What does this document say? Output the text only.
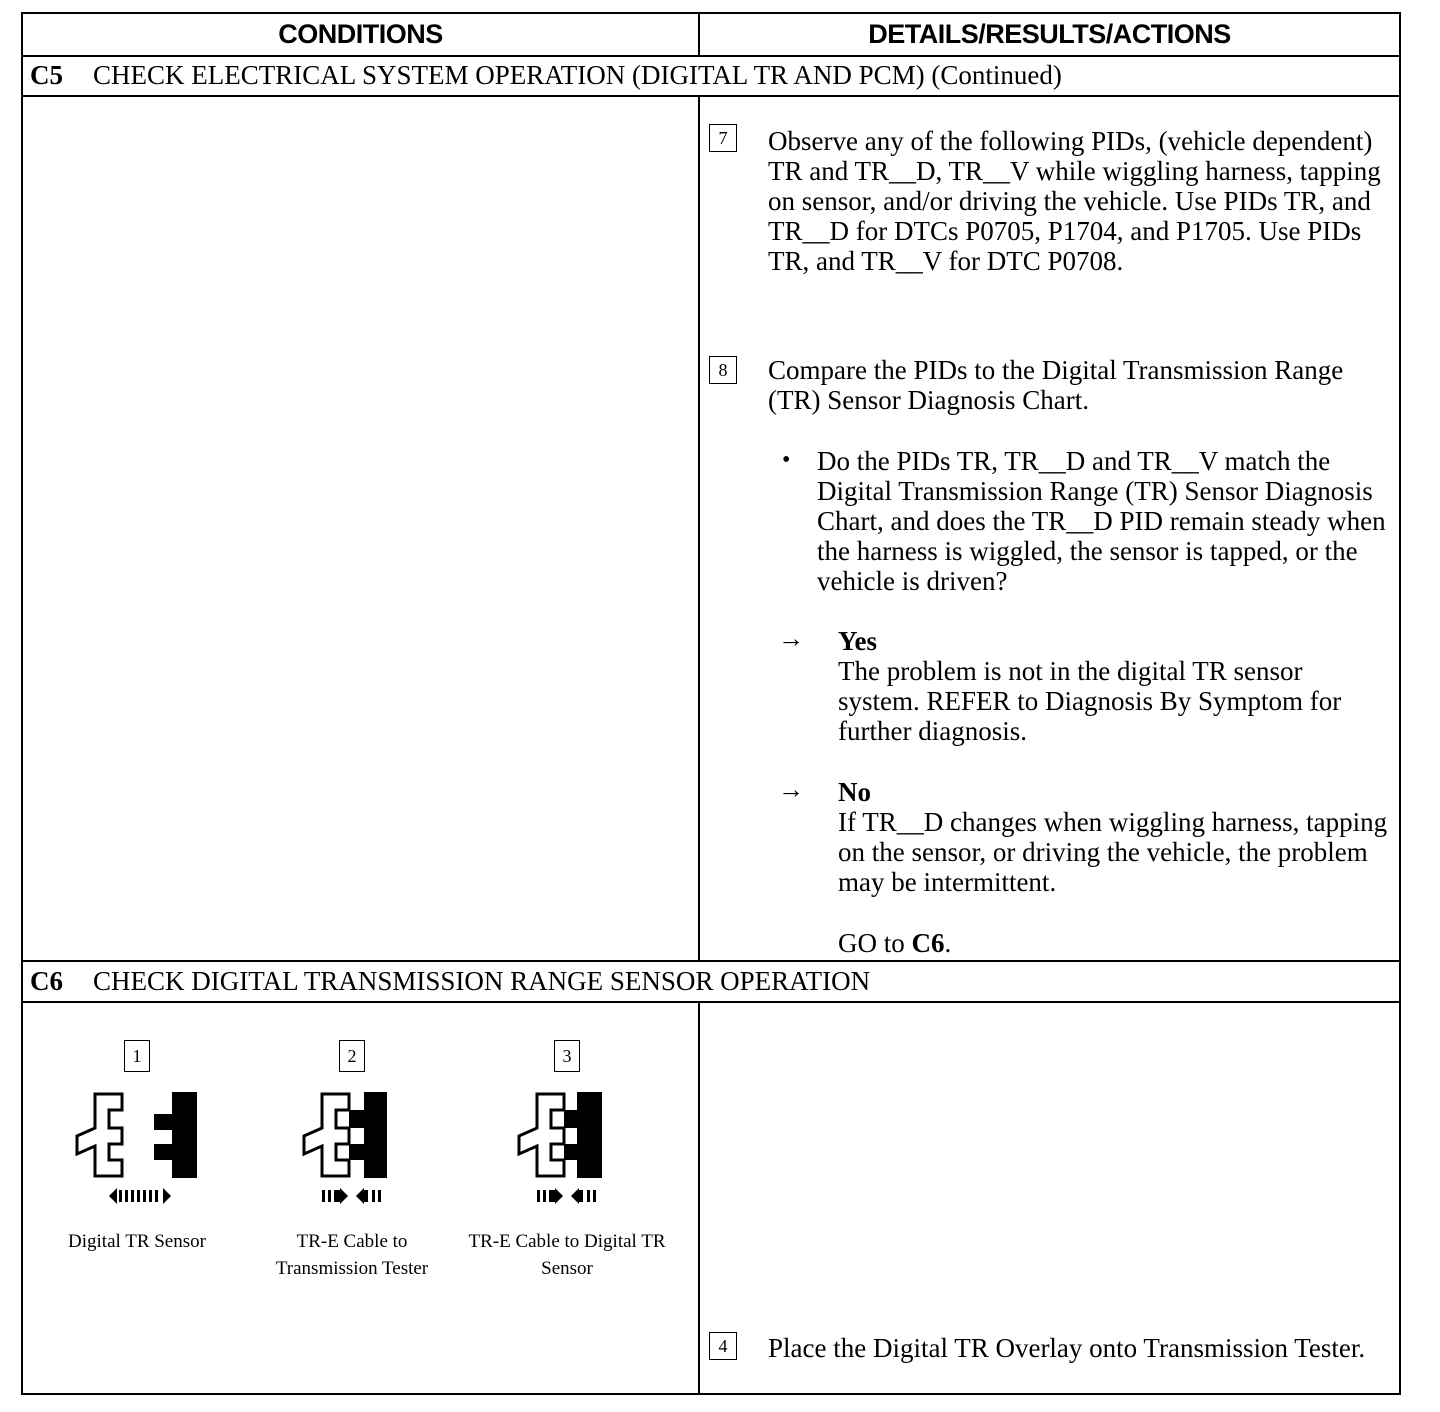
CONDITIONS	DETAILS/RESULTS/ACTIONS
C5 CHECK ELECTRICAL SYSTEM OPERATION (DIGITAL TR AND PCM) (Continued)
7	Observe any of the following PIDs, (vehicle dependent) TR and TR__D, TR__V while wiggling harness, tapping on sensor, and/or driving the vehicle. Use PIDs TR, and TR__D for DTCs P0705, P1704, and P1705. Use PIDs TR, and TR__V for DTC P0708.
8	Compare the PIDs to the Digital Transmission Range (TR) Sensor Diagnosis Chart.
• Do the PIDs TR, TR__D and TR__V match the Digital Transmission Range (TR) Sensor Diagnosis Chart, and does the TR__D PID remain steady when the harness is wiggled, the sensor is tapped, or the vehicle is driven?
→ Yes
The problem is not in the digital TR sensor system. REFER to Diagnosis By Symptom for further diagnosis.
→ No
If TR__D changes when wiggling harness, tapping on the sensor, or driving the vehicle, the problem may be intermittent.
GO to C6.
C6 CHECK DIGITAL TRANSMISSION RANGE SENSOR OPERATION
1
Digital TR Sensor
2
TR-E Cable to Transmission Tester
3
TR-E Cable to Digital TR Sensor
4	Place the Digital TR Overlay onto Transmission Tester.
